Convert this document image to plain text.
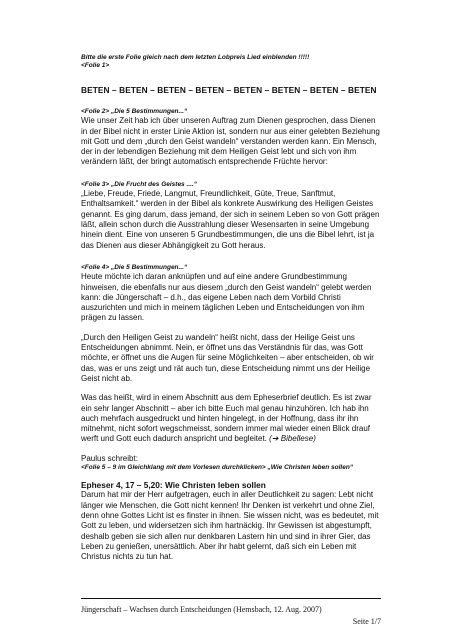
Bitte die erste Folie gleich nach dem letzten Lobpreis Lied einblenden !!!!!
<Folie 1>
BETEN – BETEN – BETEN – BETEN – BETEN – BETEN – BETEN – BETEN
<Folie 2> „Die 5 Bestimmungen...“

Wie unser Zeit hab ich über unseren Auftrag zum Dienen gesprochen, dass Dienen in der Bibel nicht in erster Linie Aktion ist, sondern nur aus einer gelebten Beziehung mit Gott und dem „durch den Geist wandeln“ verstanden werden kann. Ein Mensch, der in der lebendigen Beziehung mit dem Heiligen Geist lebt und sich von ihm verändern läßt, der bringt automatisch entsprechende Früchte hervor:

<Folie 3> „Die Frucht des Geistes ....“

„Liebe, Freude, Friede, Langmut, Freundlichkeit, Güte, Treue, Sanftmut, Enthaltsamkeit.“ werden in der Bibel als konkrete Auswirkung des Heiligen Geistes genannt. Es ging darum, dass jemand, der sich in seinem Leben so von Gott prägen läßt, allein schon durch die Ausstrahlung dieser Wesensarten in seine Umgebung hinein dient. Eine von unseren 5 Grundbestimmungen, die uns die Bibel lehrt, ist ja das Dienen aus dieser Abhängigkeit zu Gott heraus.

<Folie 4> „Die 5 Bestimmungen...“

Heute möchte ich daran anknüpfen und auf eine andere Grundbestimmung hinweisen, die ebenfalls nur aus diesem „durch den Geist wandeln“ gelebt werden kann: die Jüngerschaft – d.h., das eigene Leben nach dem Vorbild Christi auszurichten und mich in meinem täglichen Leben und Entscheidungen von ihm prägen zu lassen.

„Durch den Heiligen Geist zu wandeln“ heißt nicht, dass der Heilige Geist uns Entscheidungen abnimmt. Nein, er öffnet uns das Verständnis für das, was Gott möchte, er öffnet uns die Augen für seine Möglichkeiten – aber entscheiden, ob wir das, was er uns zeigt und rät auch tun, diese Entscheidung nimmt uns der Heilige Geist nicht ab.

Was das heißt, wird in einem Abschnitt aus dem Epheserbrief deutlich. Es ist zwar ein sehr langer Abschnitt – aber ich bitte Euch mal genau hinzuhören. Ich hab ihn auch mehrfach ausgedruckt und hinten hingelegt, in der Hoffnung, dass ihr ihn mitnehmt, nicht sofort wegschmeisst, sondern immer mal wieder einen Blick drauf werft und Gott euch dadurch anspricht und begleitet. (➔ Bibellese)

Paulus schreibt:

<Folie 5 – 9 im Gleichklang mit dem Vorlesen durchklicken> „Wie Christen leben sollen“
Epheser 4, 17 – 5,20: Wie Christen leben sollen

Darum hat mir der Herr aufgetragen, euch in aller Deutlichkeit zu sagen: Lebt nicht länger wie Menschen, die Gott nicht kennen! Ihr Denken ist verkehrt und ohne Ziel, denn ohne Gottes Licht ist es finster in ihnen. Sie wissen nicht, was es bedeutet, mit Gott zu leben, und widersetzen sich ihm hartnäckig. Ihr Gewissen ist abgestumpft, deshalb geben sie sich allen nur denkbaren Lastern hin und sind in ihrer Gier, das Leben zu genießen, unersättlich. Aber ihr habt gelernt, daß sich ein Leben mit Christus nichts zu tun hat.

Jüngerschaft – Wachsen durch Entscheidungen (Hemsbach, 12. Aug. 2007)
Seite 1/7
